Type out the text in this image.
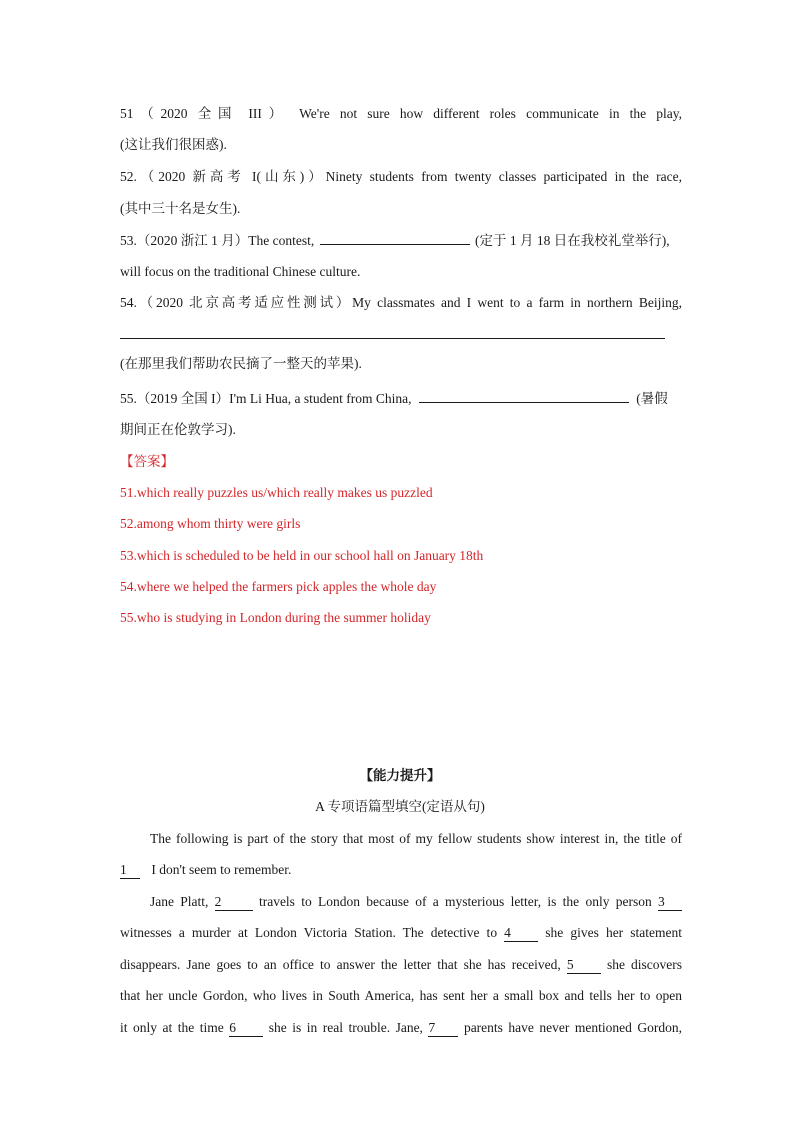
51（2020 全国 III） We're not sure how different roles communicate in the play,
(这让我们很困惑).
52.（2020 新高考 I(山东)）Ninety students from twenty classes participated in the race,
(其中三十名是女生).
53.（2020 浙江 1 月）The contest,	(定于 1 月 18 日在我校礼堂举行),
will focus on the traditional Chinese culture.
54.（2020 北京高考适应性测试）My classmates and I went to a farm in northern Beijing,
(在那里我们帮助农民摘了一整天的苹果).
55.（2019 全国 I）I'm Li Hua, a student from China,	(暑假
期间正在伦敦学习).
【答案】
51.which really puzzles us/which really makes us puzzled
52.among whom thirty were girls
53.which is scheduled to be held in our school hall on January 18th
54.where we helped the farmers pick apples the whole day
55.who is studying in London during the summer holiday
【能力提升】
A 专项语篇型填空(定语从句)
The following is part of the story that most of my fellow students show interest in, the title of
1 I don't seem to remember.
Jane Platt, 2	travels to London because of a mysterious letter, is the only person 3
witnesses a murder at London Victoria Station. The detective to 4	she gives her statement
disappears. Jane goes to an office to answer the letter that she has received, 5 she discovers
that her uncle Gordon, who lives in South America, has sent her a small box and tells her to open
it only at the time 6 she is in real trouble. Jane, 7 parents have never mentioned Gordon,
